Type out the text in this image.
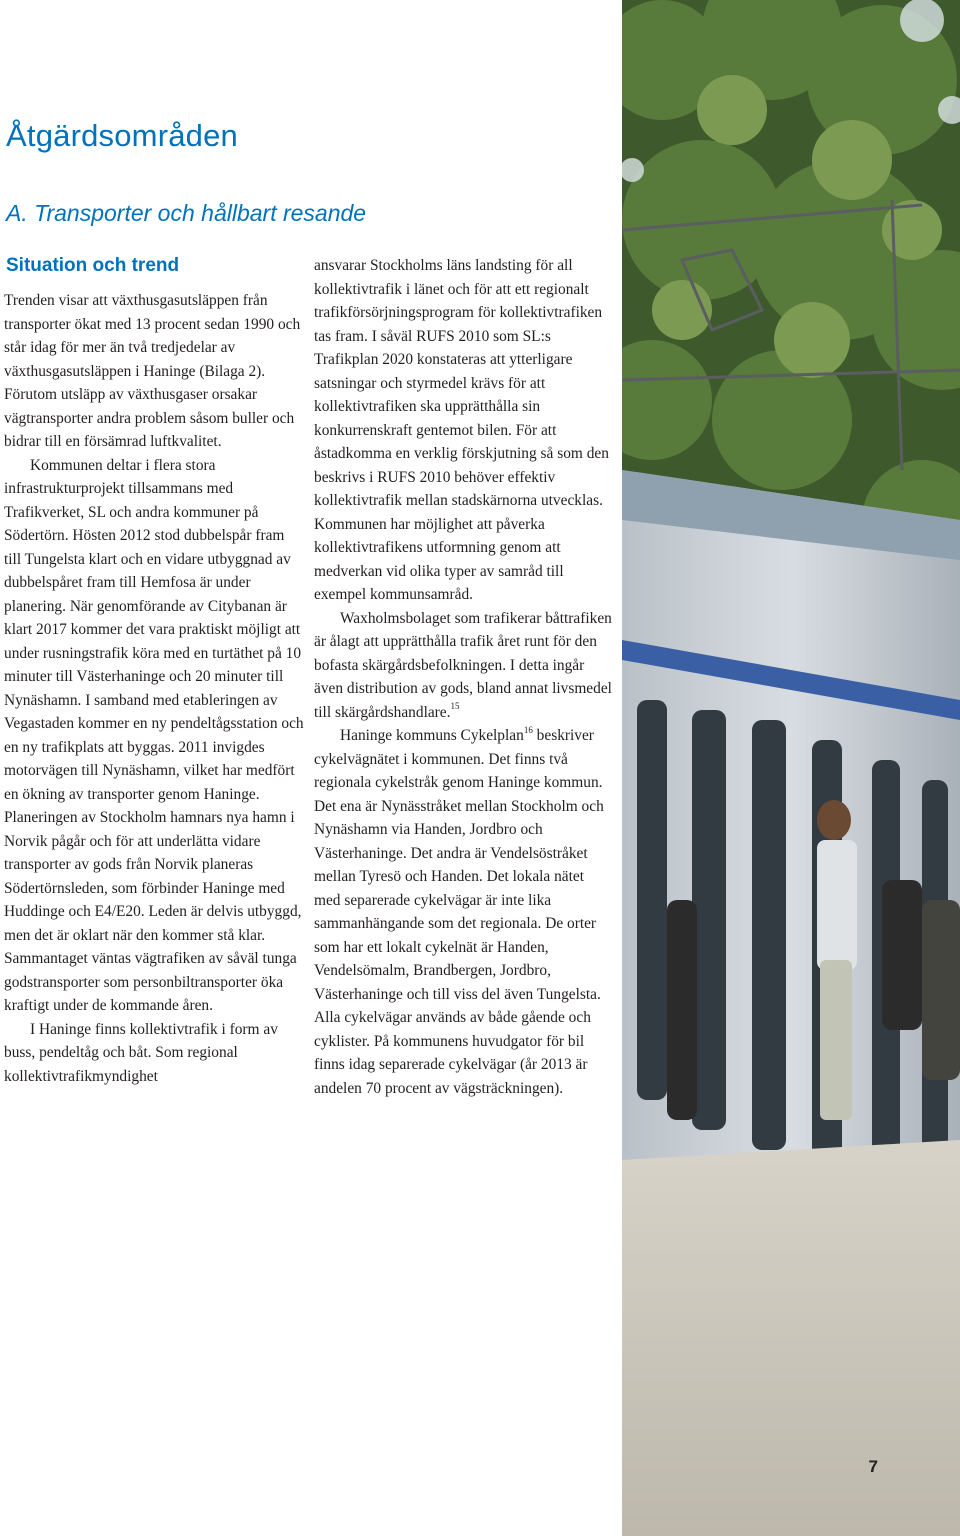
Åtgärdsområden
A. Transporter och hållbart resande
Situation och trend

Trenden visar att växthusgasutsläppen från transporter ökat med 13 procent sedan 1990 och står idag för mer än två tredjedelar av växthusgasutsläppen i Haninge (Bilaga 2). Förutom utsläpp av växthusgaser orsakar vägtransporter andra problem såsom buller och bidrar till en försämrad luftkvalitet.

Kommunen deltar i flera stora infrastrukturprojekt tillsammans med Trafikverket, SL och andra kommuner på Södertörn. Hösten 2012 stod dubbelspår fram till Tungelsta klart och en vidare utbyggnad av dubbelspåret fram till Hemfosa är under planering. När genomförande av Citybanan är klart 2017 kommer det vara praktiskt möjligt att under rusningstrafik köra med en turtäthet på 10 minuter till Västerhaninge och 20 minuter till Nynäshamn. I samband med etableringen av Vegastaden kommer en ny pendeltågsstation och en ny trafikplats att byggas. 2011 invigdes motorvägen till Nynäshamn, vilket har medfört en ökning av transporter genom Haninge. Planeringen av Stockholm hamnars nya hamn i Norvik pågår och för att underlätta vidare transporter av gods från Norvik planeras Södertörnsleden, som förbinder Haninge med Huddinge och E4/E20. Leden är delvis utbyggd, men det är oklart när den kommer stå klar. Sammantaget väntas vägtrafiken av såväl tunga godstransporter som personbiltransporter öka kraftigt under de kommande åren.

I Haninge finns kollektivtrafik i form av buss, pendeltåg och båt. Som regional kollektivtrafikmyndighet

ansvarar Stockholms läns landsting för all kollektivtrafik i länet och för att ett regionalt trafikförsörjningsprogram för kollektivtrafiken tas fram. I såväl RUFS 2010 som SL:s Trafikplan 2020 konstateras att ytterligare satsningar och styrmedel krävs för att kollektivtrafiken ska upprätthålla sin konkurrenskraft gentemot bilen. För att åstadkomma en verklig förskjutning så som den beskrivs i RUFS 2010 behöver effektiv kollektivtrafik mellan stadskärnorna utvecklas. Kommunen har möjlighet att påverka kollektivtrafikens utformning genom att medverkan vid olika typer av samråd till exempel kommunsamråd.

Waxholmsbolaget som trafikerar båttrafiken är ålagt att upprätthålla trafik året runt för den bofasta skärgårdsbefolkningen. I detta ingår även distribution av gods, bland annat livsmedel till skärgårdshandlare.$^{15}$

Haninge kommuns Cykelplan$^{16}$ beskriver cykelvägnätet i kommunen. Det finns två regionala cykelstråk genom Haninge kommun. Det ena är Nynässtråket mellan Stockholm och Nynäshamn via Handen, Jordbro och Västerhaninge. Det andra är Vendelsöstråket mellan Tyresö och Handen. Det lokala nätet med separerade cykelvägar är inte lika sammanhängande som det regionala. De orter som har ett lokalt cykelnät är Handen, Vendelsömalm, Brandbergen, Jordbro, Västerhaninge och till viss del även Tungelsta. Alla cykelvägar används av både gående och cyklister. På kommunens huvudgator för bil finns idag separerade cykelvägar (år 2013 är andelen 70 procent av vägsträckningen).

7
